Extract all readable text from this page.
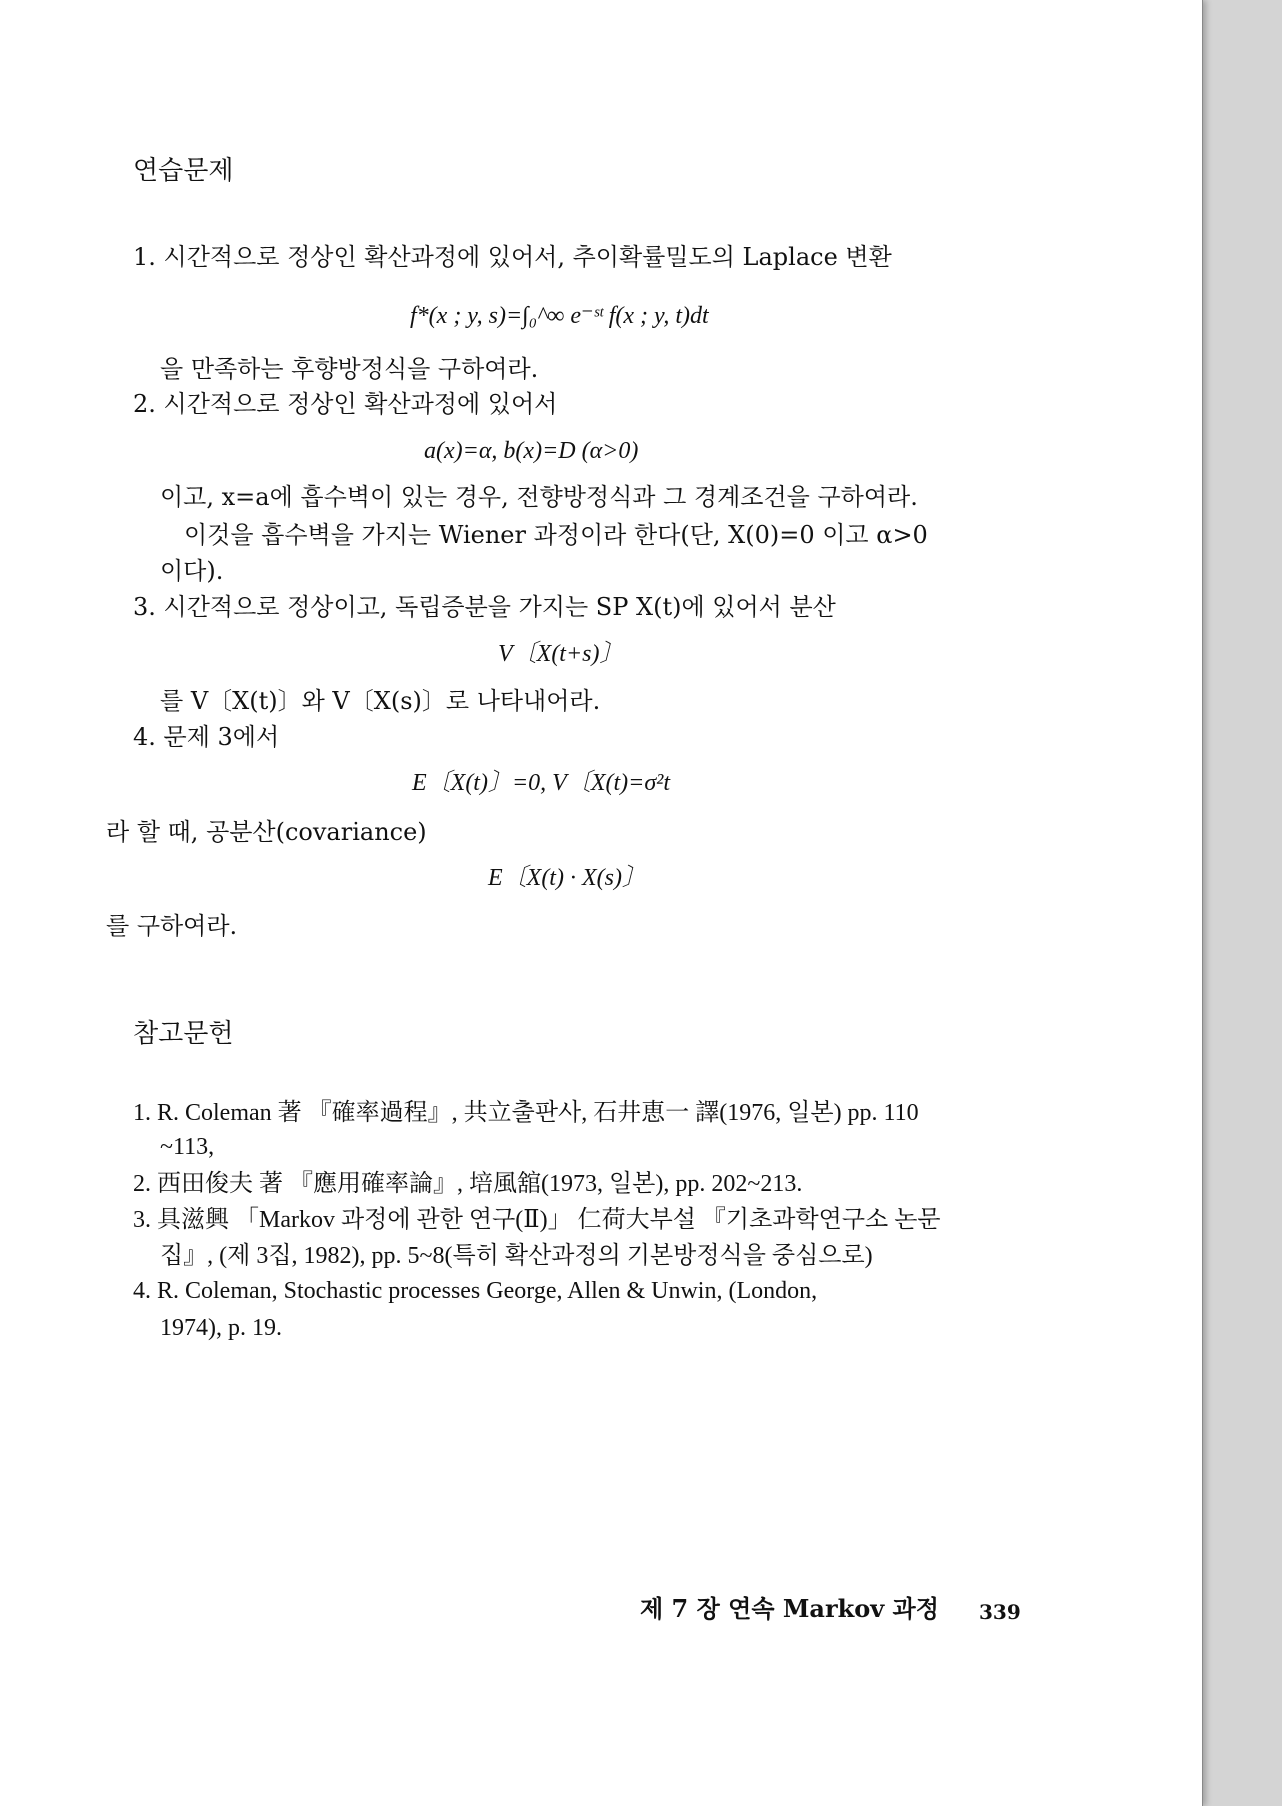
연습문제
1. 시간적으로 정상인 확산과정에 있어서, 추이확률밀도의 Laplace 변환
f*(x ; y, s)=∫₀^∞ e⁻ˢᵗ f(x ; y, t)dt
을 만족하는 후향방정식을 구하여라.
2. 시간적으로 정상인 확산과정에 있어서
a(x)=α, b(x)=D (α>0)
이고, x=a에 흡수벽이 있는 경우, 전향방정식과 그 경계조건을 구하여라.
이것을 흡수벽을 가지는 Wiener 과정이라 한다(단, X(0)=0 이고 α>0
이다).
3. 시간적으로 정상이고, 독립증분을 가지는 SP X(t)에 있어서 분산
V〔X(t+s)〕
를 V〔X(t)〕와 V〔X(s)〕로 나타내어라.
4. 문제 3에서
E〔X(t)〕=0, V〔X(t)=σ²t
라 할 때, 공분산(covariance)
E〔X(t) · X(s)〕
를 구하여라.
참고문헌
1. R. Coleman 著 『確率過程』, 共立출판사, 石井恵一 譯(1976, 일본) pp. 110
~113,
2. 西田俊夫 著 『應用確率論』, 培風舘(1973, 일본), pp. 202~213.
3. 具滋興 「Markov 과정에 관한 연구(Ⅱ)」 仁荷大부설 『기초과학연구소 논문
집』, (제 3집, 1982), pp. 5~8(특히 확산과정의 기본방정식을 중심으로)
4. R. Coleman, Stochastic processes George, Allen & Unwin, (London,
1974), p. 19.
제 7 장 연속 Markov 과정 339
